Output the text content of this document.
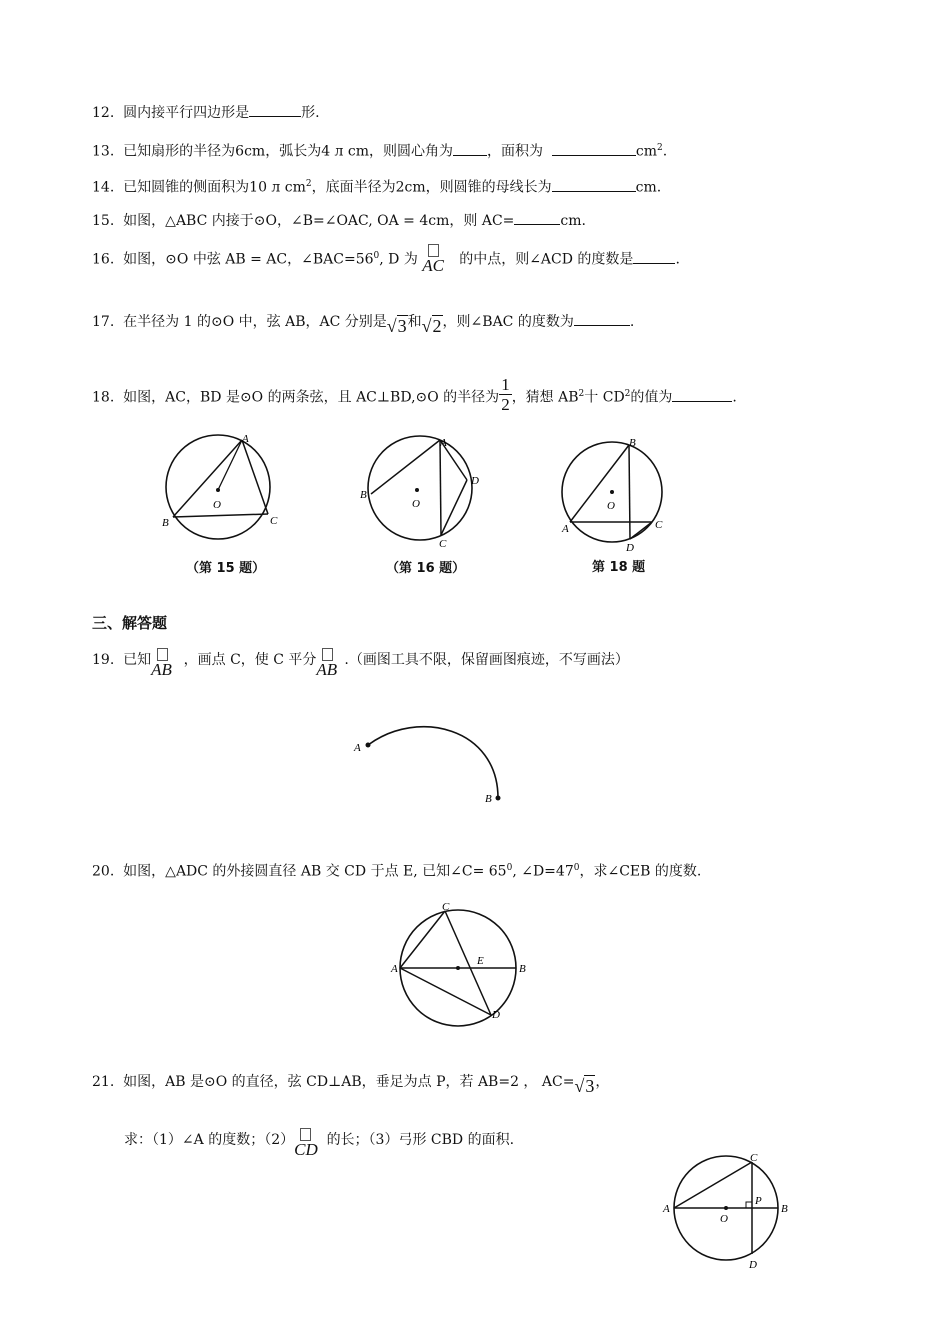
12. 圆内接平行四边形是	形.
13. 已知扇形的半径为6cm，弧长为4 л cm，则圆心角为 ，面积为	$cm^2$.
14. 已知圆锥的侧面积为10 л $cm^2$，底面半径为2cm，则圆锥的母线长为	cm.
15. 如图，△ABC 内接于⊙O，∠B=∠OAC, OA = 4cm，则 AC=	cm.
16. 如图，⊙O 中弦 AB = AC，$\angle BAC=56^0$, D 为 AC 的中点，则∠ACD 的度数是	.
17. 在半径为 1 的⊙O 中，弦 AB，AC 分别是√3和√2，则∠BAC 的度数为	.
18. 如图，AC，BD 是⊙O 的两条弦，且 AC⊥BD,⊙O 的半径为 $\frac{1}{2}$ ，猜想 $AB^2$十 $CD^2$的值为	.
A
B	C
O
（第 15 题）
A
B
C
D
O
（第 16 题）
B
A	C
D
O
第 18 题
三、解答题
19. 已知 AB ，画点 C，使 C 平分 AB .（画图工具不限，保留画图痕迹，不写画法）
A
B
20. 如图，△ADC 的外接圆直径 AB 交 CD 于点 E, 已知∠C= $65^0$, $\angle D=47^0$，求∠CEB 的度数.
C
A	B
E
D
21. 如图，AB 是⊙O 的直径，弦 CD⊥AB，垂足为点 P，若 AB=2 ， AC=√3，
求：（1）∠A 的度数；（2） CD 的长；（3）弓形 CBD 的面积.
C
A	B
P
O
D
